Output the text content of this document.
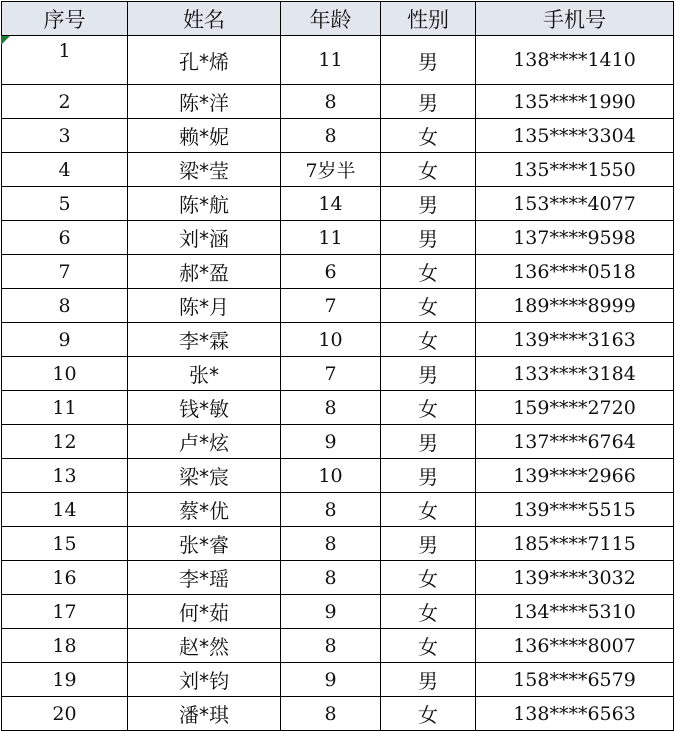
序号	姓名	年龄	性别	手机号
1	孔*烯	11	男	138****1410
2	陈*洋	8	男	135****1990
3	赖*妮	8	女	135****3304
4	梁*莹	7岁半	女	135****1550
5	陈*航	14	男	153****4077
6	刘*涵	11	男	137****9598
7	郝*盈	6	女	136****0518
8	陈*月	7	女	189****8999
9	李*霖	10	女	139****3163
10	张*	7	男	133****3184
11	钱*敏	8	女	159****2720
12	卢*炫	9	男	137****6764
13	梁*宸	10	男	139****2966
14	蔡*优	8	女	139****5515
15	张*睿	8	男	185****7115
16	李*瑶	8	女	139****3032
17	何*茹	9	女	134****5310
18	赵*然	8	女	136****8007
19	刘*钧	9	男	158****6579
20	潘*琪	8	女	138****6563
